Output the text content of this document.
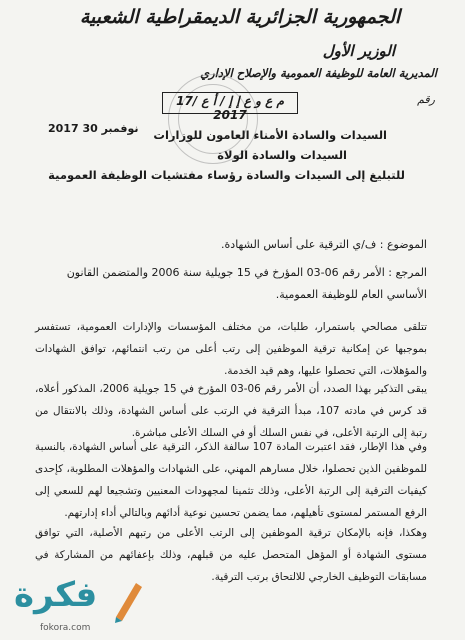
الجمهورية الجزائرية الديمقراطية الشعبية
الوزير الأول
المديرية العامة للوظيفة العمومية والإصلاح الإداري
17/ م ع و ع إ إ / أ ع 2017
رقم
2017 30 نوفمبر السيدات والسادة الأمناء العامون للوزارات
السيدات والسادة الولاة
للتبليغ إلى السيدات والسادة رؤساء مفتشيات الوظيفة العمومية
الموضوع : ف/ي الترقية على أساس الشهادة.
المرجع : الأمر رقم 06-03 المؤرخ في 15 جويلية سنة 2006 والمتضمن القانون الأساسي العام للوظيفة العمومية.
تتلقى مصالحي باستمرار، طلبات، من مختلف المؤسسات والإدارات العمومية، تستفسر بموجبها عن إمكانية ترقية الموظفين إلى رتب أعلى من رتب انتمائهم، توافق الشهادات والمؤهلات، التي تحصلوا عليها، وهم قيد الخدمة.
يبقى التذكير بهذا الصدد، أن الأمر رقم 06-03 المؤرخ في 15 جويلية 2006، المذكور أعلاه، قد كرس في مادته 107، مبدأ الترقية في الرتب على أساس الشهادة، وذلك بالانتقال من رتبة إلى الرتبة الأعلى، في نفس السلك أو في السلك الأعلى مباشرة.
وفي هذا الإطار، فقد اعتبرت المادة 107 سالفة الذكر، الترقية على أساس الشهادة، بالنسبة للموظفين الذين تحصلوا، خلال مسارهم المهني، على الشهادات والمؤهلات المطلوبة، كإحدى كيفيات الترقية إلى الرتبة الأعلى، وذلك تثمينا لمجهودات المعنيين وتشجيعا لهم للسعي إلى الرفع المستمر لمستوى تأهيلهم، مما يضمن تحسين نوعية أدائهم وبالتالي أداء إدارتهم.
وهكذا، فإنه بالإمكان ترقية الموظفين إلى الرتب الأعلى من رتبهم الأصلية، التي توافق مستوى الشهادة أو المؤهل المتحصل عليه من قبلهم، وذلك بإعفائهم من المشاركة في مسابقات التوظيف الخارجي للالتحاق برتب الترقية.
فكرة
fokora.com
